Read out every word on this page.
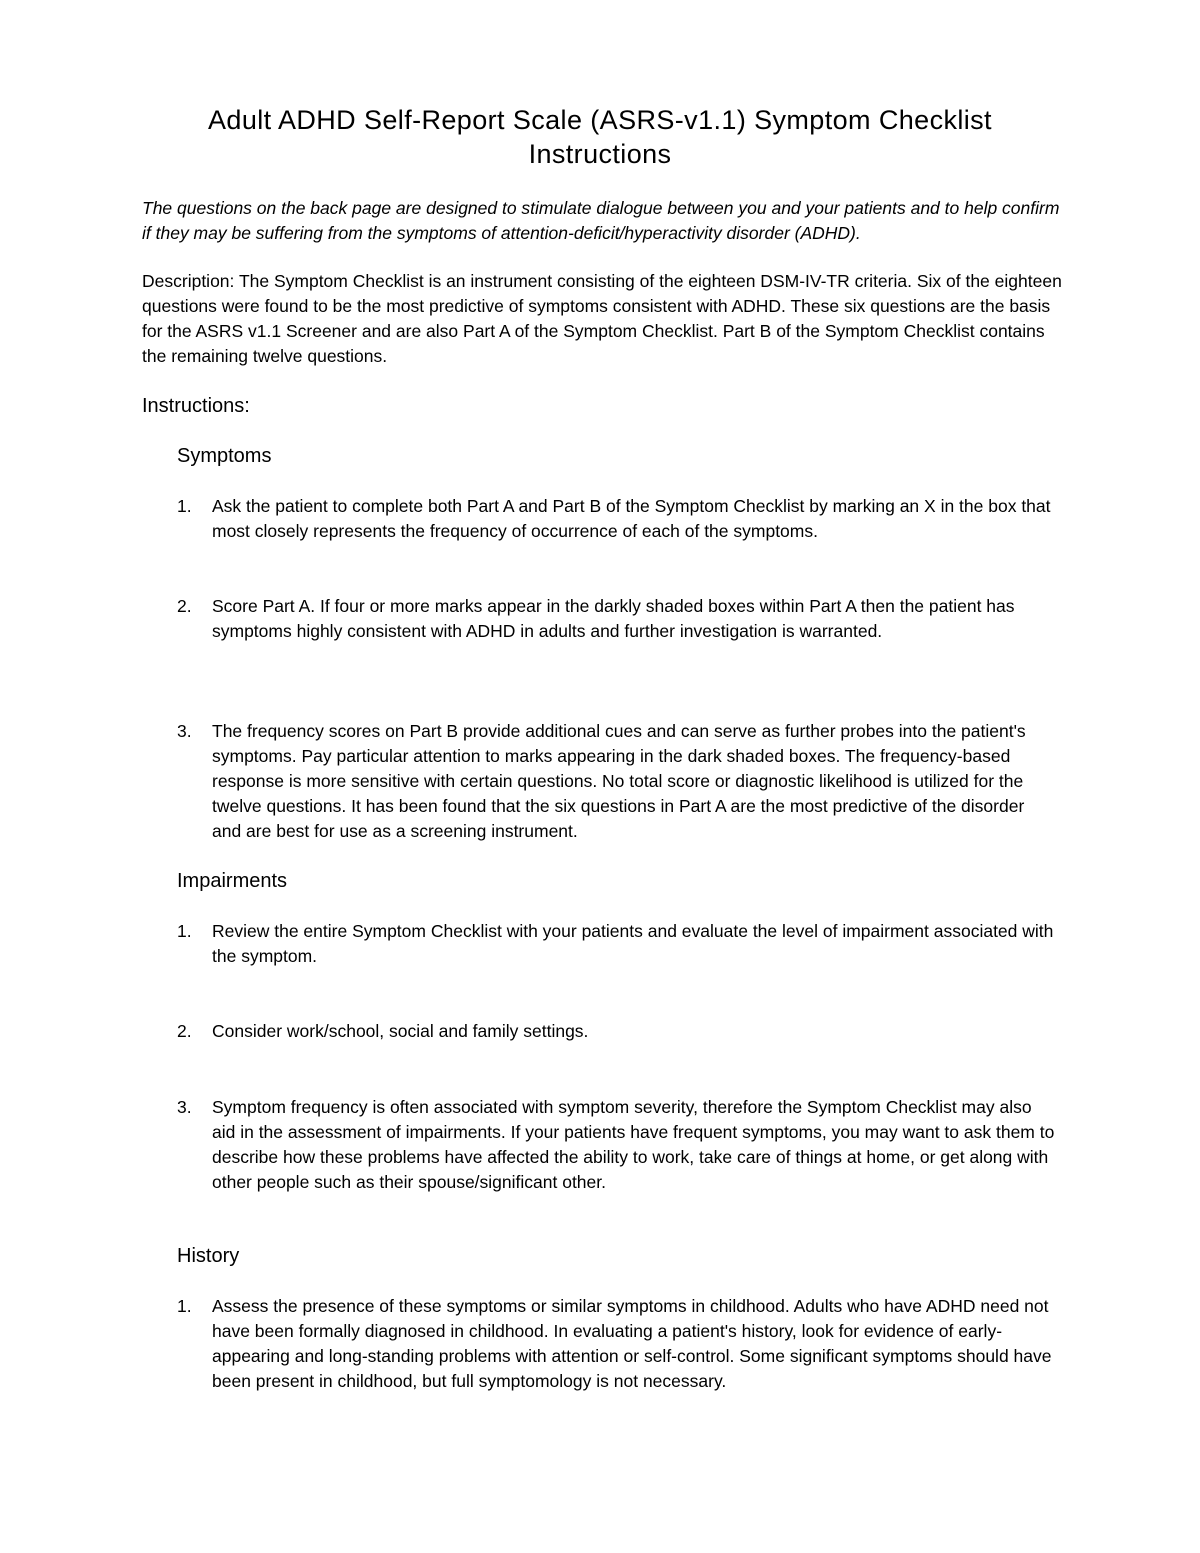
Adult ADHD Self-Report Scale (ASRS-v1.1) Symptom Checklist
Instructions
The questions on the back page are designed to stimulate dialogue between you and your patients and to help confirm if they may be suffering from the symptoms of attention-deficit/hyperactivity disorder (ADHD).
Description: The Symptom Checklist is an instrument consisting of the eighteen DSM-IV-TR criteria. Six of the eighteen questions were found to be the most predictive of symptoms consistent with ADHD. These six questions are the basis for the ASRS v1.1 Screener and are also Part A of the Symptom Checklist. Part B of the Symptom Checklist contains the remaining twelve questions.
Instructions:
Symptoms
1.	Ask the patient to complete both Part A and Part B of the Symptom Checklist by marking an X in the box that most closely represents the frequency of occurrence of each of the symptoms.
2.	Score Part A. If four or more marks appear in the darkly shaded boxes within Part A then the patient has symptoms highly consistent with ADHD in adults and further investigation is warranted.
3.	The frequency scores on Part B provide additional cues and can serve as further probes into the patient's symptoms. Pay particular attention to marks appearing in the dark shaded boxes. The frequency-based response is more sensitive with certain questions. No total score or diagnostic likelihood is utilized for the twelve questions. It has been found that the six questions in Part A are the most predictive of the disorder and are best for use as a screening instrument.
Impairments
1.	Review the entire Symptom Checklist with your patients and evaluate the level of impairment associated with the symptom.
2.	Consider work/school, social and family settings.
3.	Symptom frequency is often associated with symptom severity, therefore the Symptom Checklist may also aid in the assessment of impairments. If your patients have frequent symptoms, you may want to ask them to describe how these problems have affected the ability to work, take care of things at home, or get along with other people such as their spouse/significant other.
History
1.	Assess the presence of these symptoms or similar symptoms in childhood. Adults who have ADHD need not have been formally diagnosed in childhood. In evaluating a patient's history, look for evidence of early-appearing and long-standing problems with attention or self-control. Some significant symptoms should have been present in childhood, but full symptomology is not necessary.
